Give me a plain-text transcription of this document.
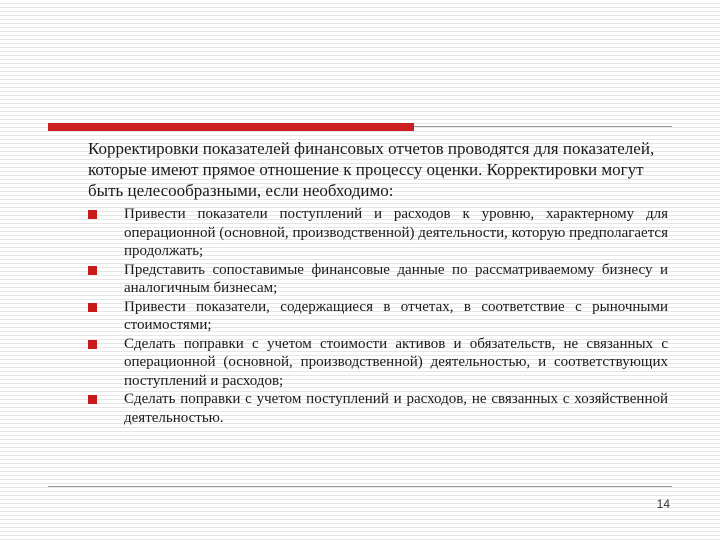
Корректировки показателей финансовых отчетов проводятся для показателей, которые имеют прямое отношение к процессу оценки. Корректировки могут быть целесообразными, если необходимо:

Привести показатели поступлений и расходов к уровню, характерному для операционной (основной, производственной) деятельности, которую предполагается продолжать;
Представить сопоставимые финансовые данные по рассматриваемому бизнесу и аналогичным бизнесам;
Привести показатели, содержащиеся в отчетах, в соответствие с рыночными стоимостями;
Сделать поправки с учетом стоимости активов и обязательств, не связанных с операционной (основной, производственной) деятельностью, и соответствующих поступлений и расходов;
Сделать поправки с учетом поступлений и расходов, не связанных с хозяйственной деятельностью.
14
